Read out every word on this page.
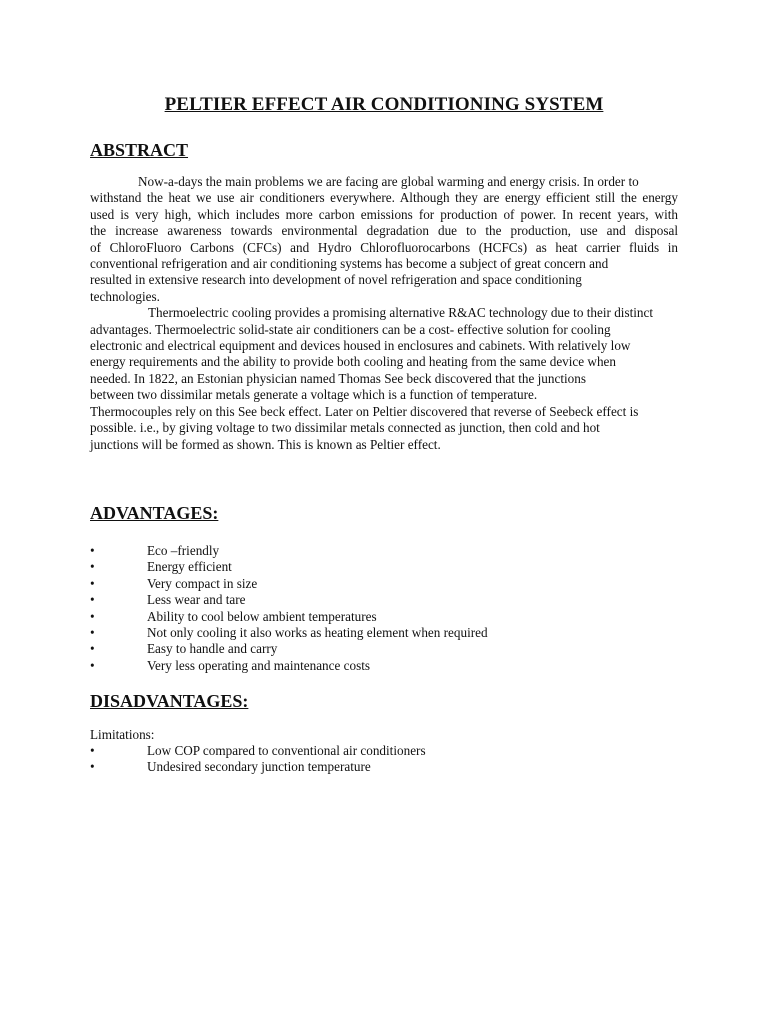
PELTIER EFFECT AIR CONDITIONING SYSTEM
ABSTRACT
Now-a-days the main problems we are facing are global warming and energy crisis. In order to
withstand the heat we use air conditioners everywhere. Although they are energy efficient still the energy
used is very high, which includes more carbon emissions for production of power. In recent years, with
the increase awareness towards environmental degradation due to the production, use and disposal
of ChloroFluoro Carbons (CFCs) and Hydro Chlorofluorocarbons (HCFCs) as heat carrier fluids in
conventional refrigeration and air conditioning systems has become a subject of great concern and
resulted in extensive research into development of novel refrigeration and space conditioning
technologies.
Thermoelectric cooling provides a promising alternative R&AC technology due to their distinct
advantages. Thermoelectric solid-state air conditioners can be a cost- effective solution for cooling
electronic and electrical equipment and devices housed in enclosures and cabinets. With relatively low
energy requirements and the ability to provide both cooling and heating from the same device when
needed. In 1822, an Estonian physician named Thomas See beck discovered that the junctions
between two dissimilar metals generate a voltage which is a function of temperature.
Thermocouples rely on this See beck effect. Later on Peltier discovered that reverse of Seebeck effect is
possible. i.e., by giving voltage to two dissimilar metals connected as junction, then cold and hot
junctions will be formed as shown. This is known as Peltier effect.
ADVANTAGES:
•	Eco –friendly
•	Energy efficient
•	Very compact in size
•	Less wear and tare
•	Ability to cool below ambient temperatures
•	Not only cooling it also works as heating element when required
•	Easy to handle and carry
•	Very less operating and maintenance costs
DISADVANTAGES:
Limitations:
•	Low COP compared to conventional air conditioners
•	Undesired secondary junction temperature
